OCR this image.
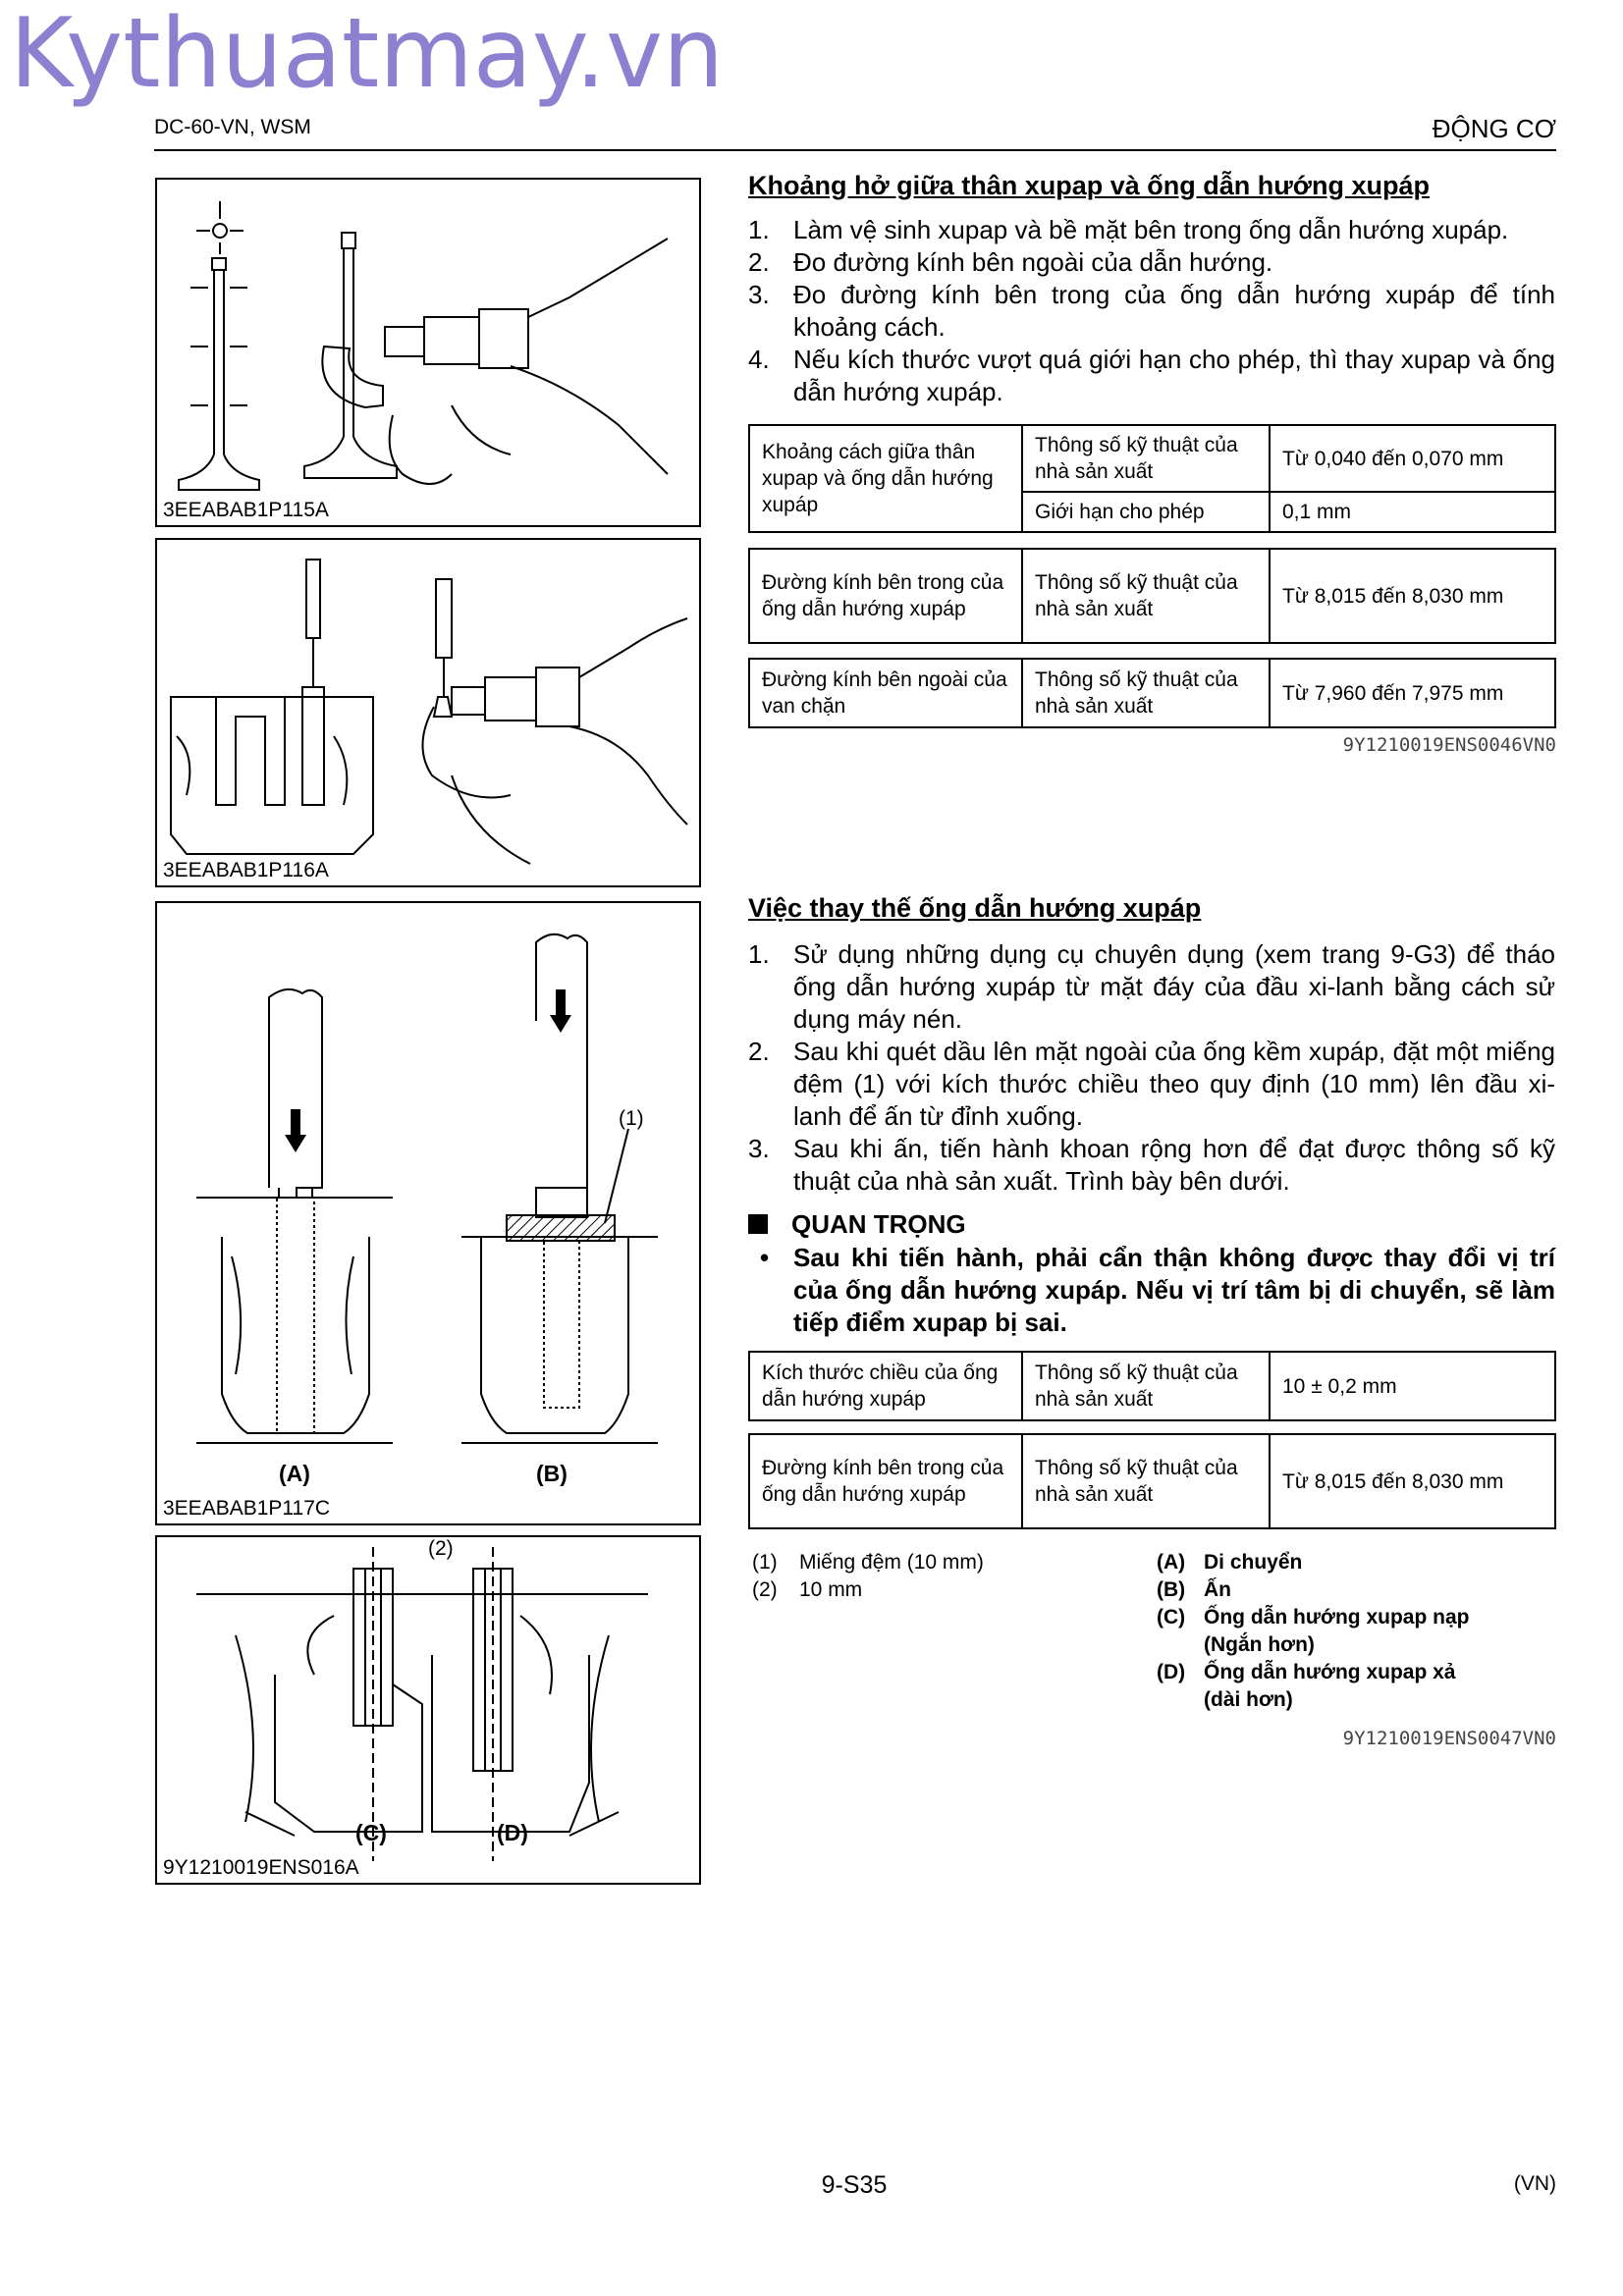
Kythuatmay.vn
DC-60-VN, WSM	ĐỘNG CƠ
3EEABAB1P115A
3EEABAB1P116A
(1)
(A)	(B)
3EEABAB1P117C
(2)
(C)	(D)
9Y1210019ENS016A
Khoảng hở giữa thân xupap và ống dẫn hướng xupáp
1. Làm vệ sinh xupap và bề mặt bên trong ống dẫn hướng xupáp.
2. Đo đường kính bên ngoài của dẫn hướng.
3. Đo đường kính bên trong của ống dẫn hướng xupáp để tính khoảng cách.
4. Nếu kích thước vượt quá giới hạn cho phép, thì thay xupap và ống dẫn hướng xupáp.
Khoảng cách giữa thân xupap và ống dẫn hướng xupáp	Thông số kỹ thuật của nhà sản xuất	Từ 0,040 đến 0,070 mm
	Giới hạn cho phép	0,1 mm
Đường kính bên trong của ống dẫn hướng xupáp	Thông số kỹ thuật của nhà sản xuất	Từ 8,015 đến 8,030 mm
Đường kính bên ngoài của van chặn	Thông số kỹ thuật của nhà sản xuất	Từ 7,960 đến 7,975 mm
9Y1210019ENS0046VN0
Việc thay thế ống dẫn hướng xupáp
1. Sử dụng những dụng cụ chuyên dụng (xem trang 9-G3) để tháo ống dẫn hướng xupáp từ mặt đáy của đầu xi-lanh bằng cách sử dụng máy nén.
2. Sau khi quét dầu lên mặt ngoài của ống kềm xupáp, đặt một miếng đệm (1) với kích thước chiều theo quy định (10 mm) lên đầu xi-lanh để ấn từ đỉnh xuống.
3. Sau khi ấn, tiến hành khoan rộng hơn để đạt được thông số kỹ thuật của nhà sản xuất. Trình bày bên dưới.
QUAN TRỌNG
• Sau khi tiến hành, phải cẩn thận không được thay đổi vị trí của ống dẫn hướng xupáp. Nếu vị trí tâm bị di chuyển, sẽ làm tiếp điểm xupap bị sai.
Kích thước chiều của ống dẫn hướng xupáp	Thông số kỹ thuật của nhà sản xuất	10 ± 0,2 mm
Đường kính bên trong của ống dẫn hướng xupáp	Thông số kỹ thuật của nhà sản xuất	Từ 8,015 đến 8,030 mm
(1) Miếng đệm (10 mm)
(2) 10 mm
(A) Di chuyển
(B) Ấn
(C) Ống dẫn hướng xupap nạp (Ngắn hơn)
(D) Ống dẫn hướng xupap xả (dài hơn)
9Y1210019ENS0047VN0
9-S35	(VN)
